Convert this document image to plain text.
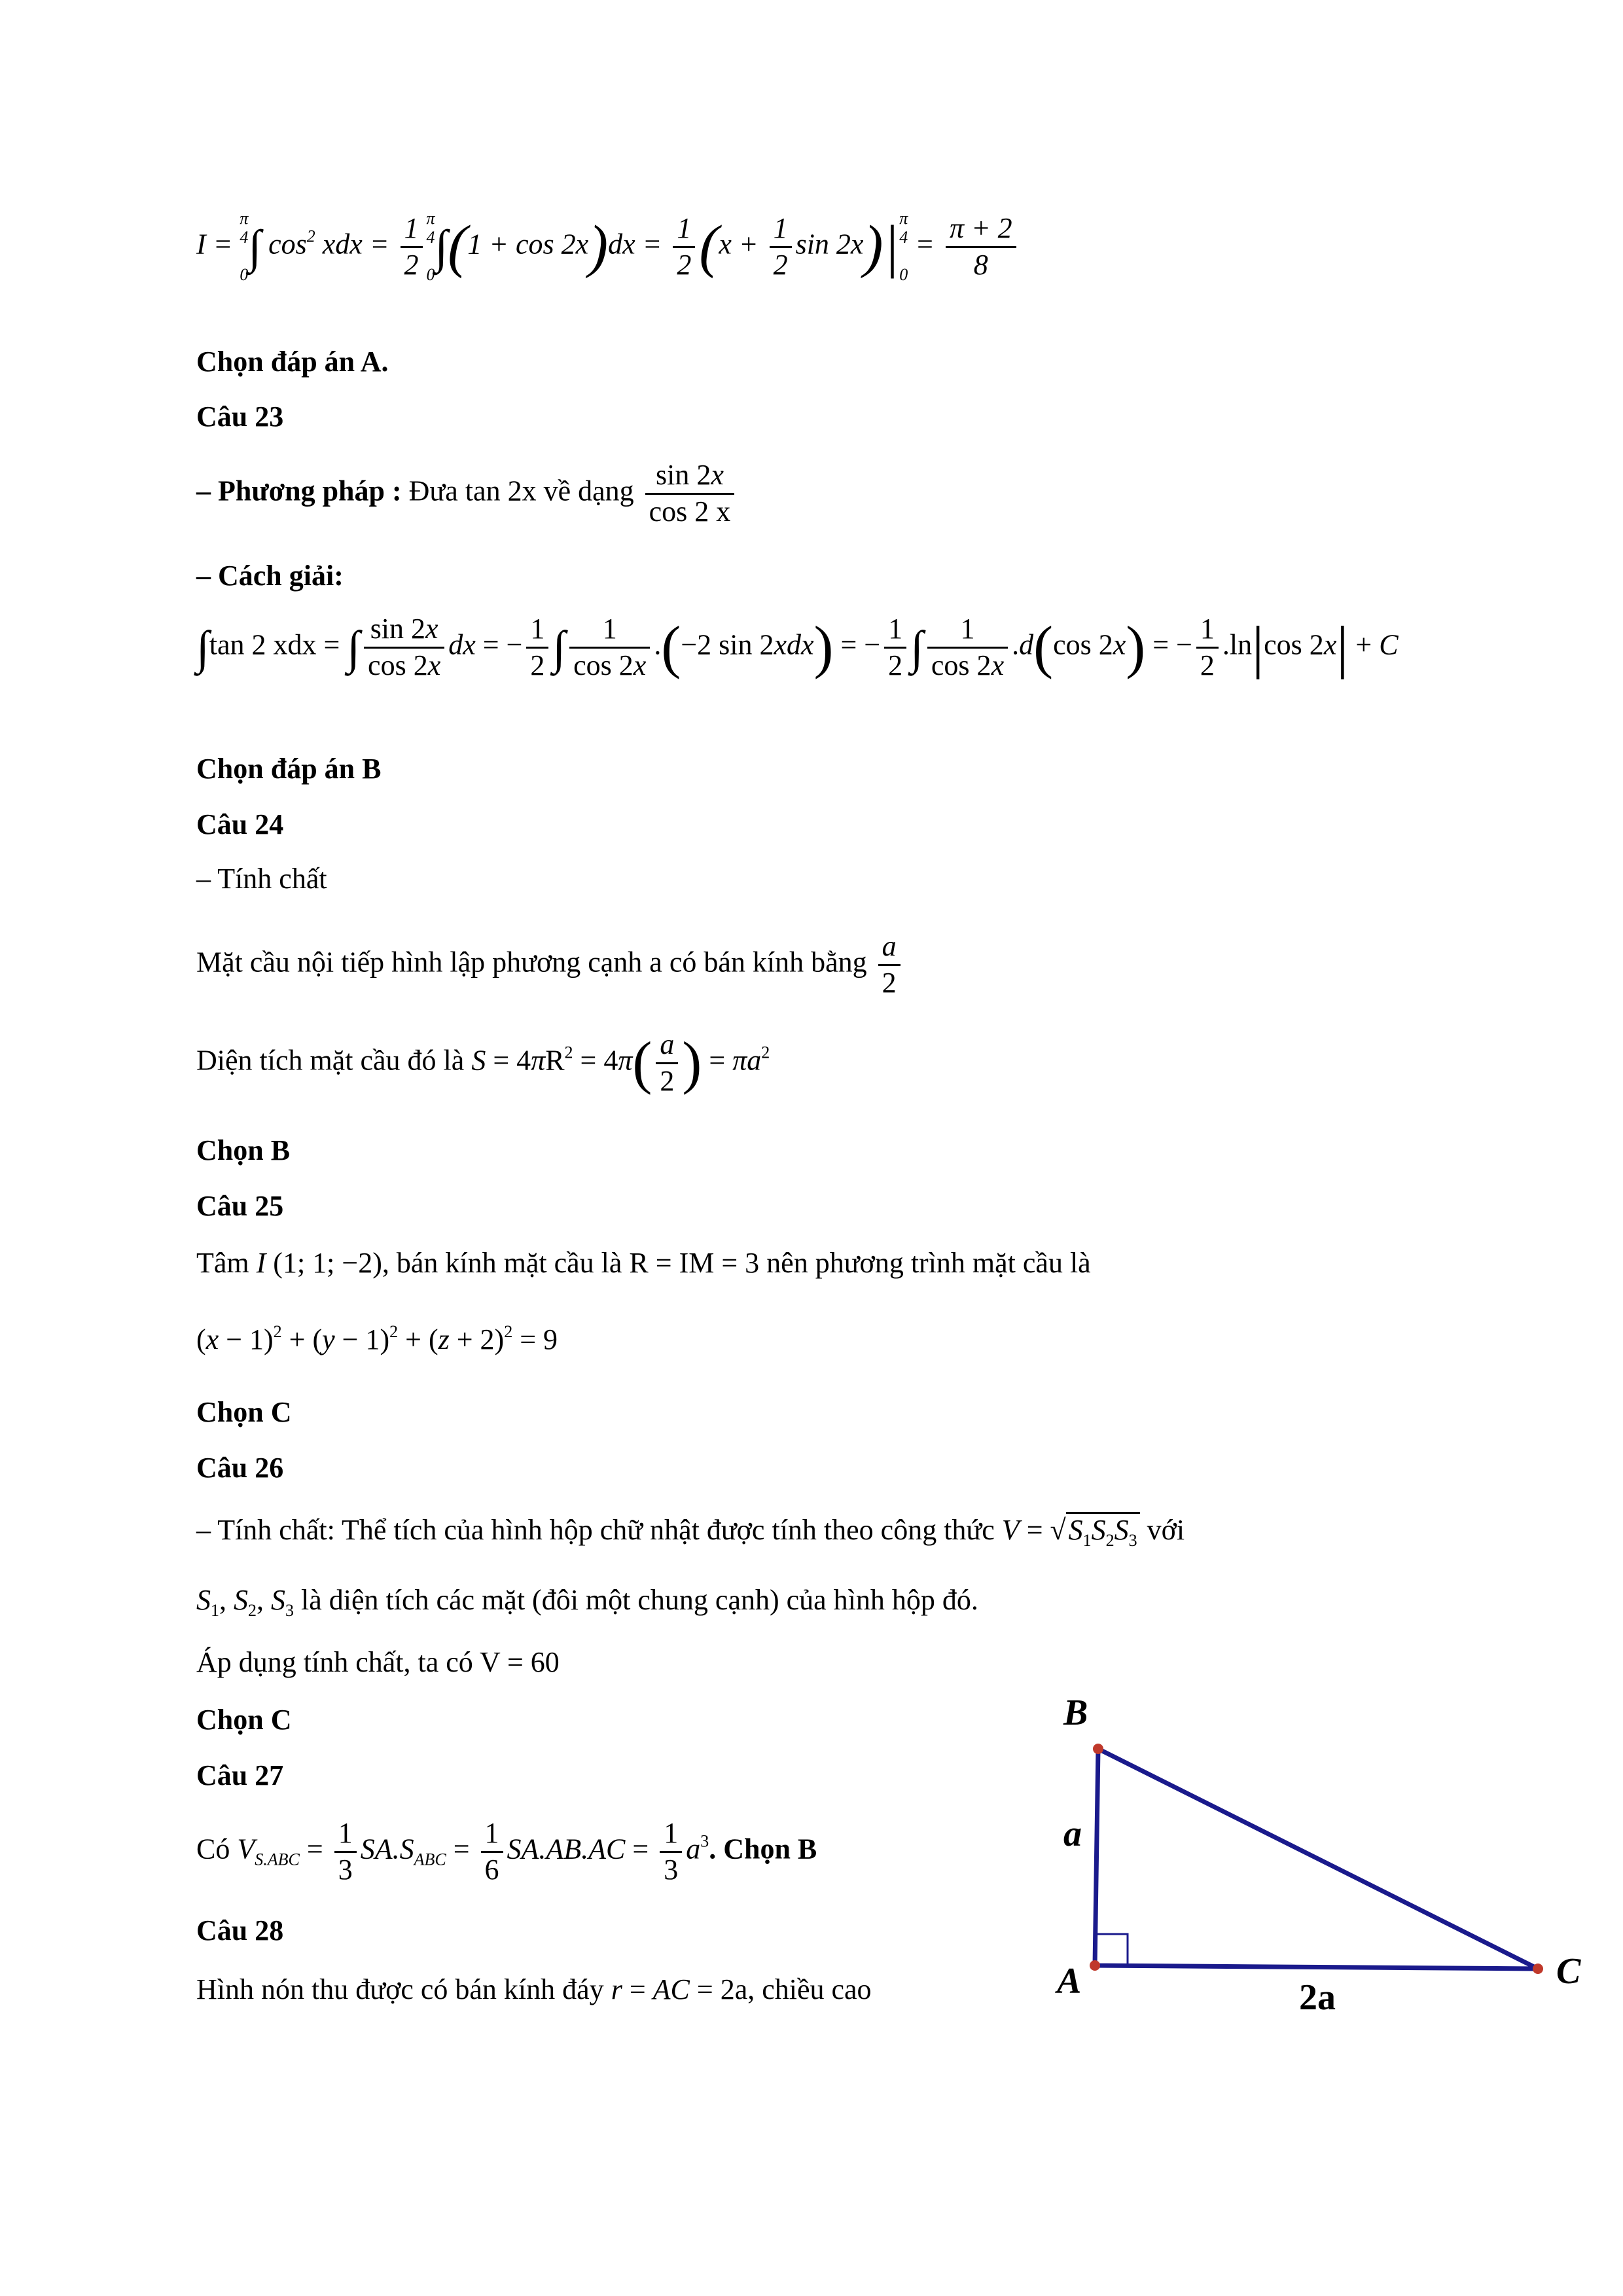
I = π
4

0∫ $\cos^2$ xdx = $\frac{1}{2}$ π
4

$0\int(1 + \cos 2x)dx = \frac{1}{2} (x + \frac{1}{2}$ sin 2x)|π
4

$0 = \frac{\pi + 2}{8}$
Chọn đáp án A.
Câu 23
– Phương pháp : Đưa tan 2x về dạng $\frac{\sin 2x}{\cos 2 x}$
– Cách giải:
∫tan 2 xdx = ∫ $\frac{\sin 2x}{\cos 2x}$ dx = − $\frac{1}{2}$ ∫ $\frac{1}{\cos 2x} .(-2$ sin 2xdx) = − $\frac{1}{2}$ ∫ $\frac{1}{\cos 2x} .d(\cos$ 2x) = − $\frac{1}{2} .\ln|\cos$ 2x| + C
Chọn đáp án B
Câu 24
– Tính chất
Mặt cầu nội tiếp hình lập phương cạnh a có bán kính bằng $\frac{a}{2}$
Diện tích mặt cầu đó là $S = 4\pi R^2 = 4\pi( \frac{a}{2}$ ) = $\pi a^2$
Chọn B
Câu 25
Tâm I (1; 1; −2), bán kính mặt cầu là R = IM = 3 nên phương trình mặt cầu là
$(x - 1)^2 + (y - 1)^2 + (z + 2)^2 = 9$
Chọn C
Câu 26
– Tính chất: Thể tích của hình hộp chữ nhật được tính theo công thức $V = √S_1S_2S_3$ với
$S_1$, $S_2$, $S_3$ là diện tích các mặt (đôi một chung cạnh) của hình hộp đó.
Áp dụng tính chất, ta có V = 60
Chọn C
Câu 27
Có $V_{S.ABC} = \frac{1}{3} SA.S_{ABC} = \frac{1}{6} SA.AB.AC = \frac{1}{3} a^3$. Chọn B
Câu 28
Hình nón thu được có bán kính đáy r = AC = 2a, chiều cao
B
a
A	C
2a
